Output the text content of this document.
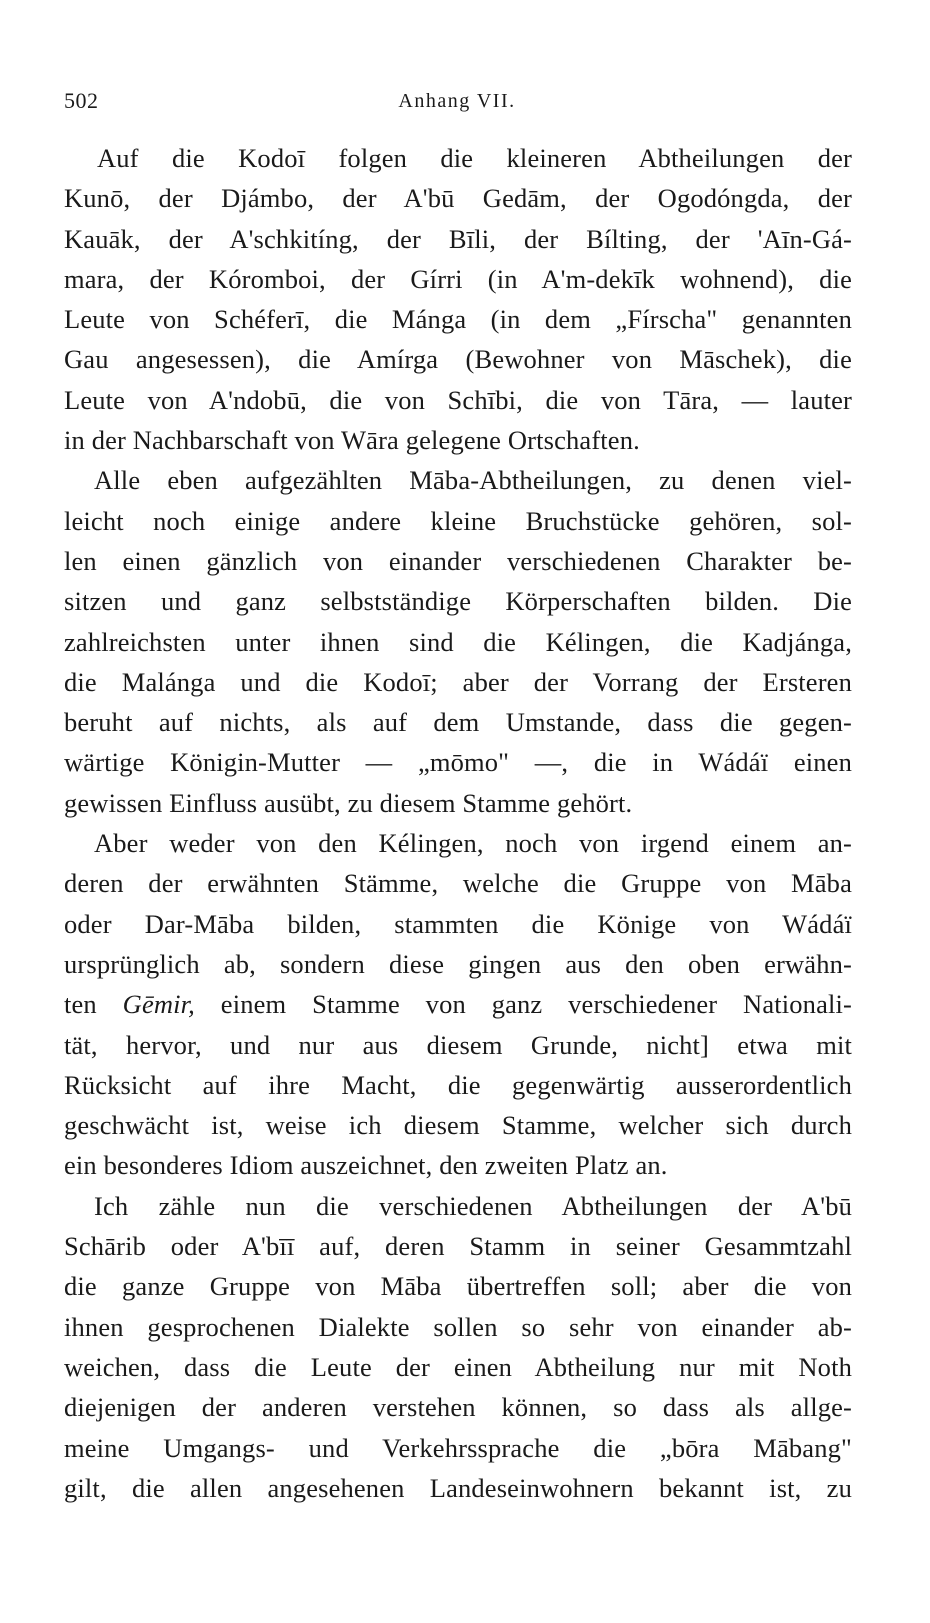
502	Anhang VII.
Auf die Kodoī folgen die kleineren Abtheilungen der
Kunō, der Djámbo, der A'bū Gedām, der Ogodóngda, der
Kauāk, der A'schkitíng, der Bīli, der Bílting, der 'Aīn-Gá-
mara, der Kóromboi, der Gírri (in A'm-dekīk wohnend), die
Leute von Schéferī, die Mánga (in dem „Fírscha" genannten
Gau angesessen), die Amírga (Bewohner von Māschek), die
Leute von A'ndobū, die von Schībi, die von Tāra, — lauter
in der Nachbarschaft von Wāra gelegene Ortschaften.
Alle eben aufgezählten Māba-Abtheilungen, zu denen viel-
leicht noch einige andere kleine Bruchstücke gehören, sol-
len einen gänzlich von einander verschiedenen Charakter be-
sitzen und ganz selbstständige Körperschaften bilden. Die
zahlreichsten unter ihnen sind die Kélingen, die Kadjánga,
die Malánga und die Kodoī; aber der Vorrang der Ersteren
beruht auf nichts, als auf dem Umstande, dass die gegen-
wärtige Königin-Mutter — „mōmo" —, die in Wádáï einen
gewissen Einfluss ausübt, zu diesem Stamme gehört.
Aber weder von den Kélingen, noch von irgend einem an-
deren der erwähnten Stämme, welche die Gruppe von Māba
oder Dar-Māba bilden, stammten die Könige von Wádáï
ursprünglich ab, sondern diese gingen aus den oben erwähn-
ten Gēmir, einem Stamme von ganz verschiedener Nationali-
tät, hervor, und nur aus diesem Grunde, nicht] etwa mit
Rücksicht auf ihre Macht, die gegenwärtig ausserordentlich
geschwächt ist, weise ich diesem Stamme, welcher sich durch
ein besonderes Idiom auszeichnet, den zweiten Platz an.
Ich zähle nun die verschiedenen Abtheilungen der A'bū
Schārib oder A'bīī auf, deren Stamm in seiner Gesammtzahl
die ganze Gruppe von Māba übertreffen soll; aber die von
ihnen gesprochenen Dialekte sollen so sehr von einander ab-
weichen, dass die Leute der einen Abtheilung nur mit Noth
diejenigen der anderen verstehen können, so dass als allge-
meine Umgangs- und Verkehrssprache die „bōra Mābang"
gilt, die allen angesehenen Landeseinwohnern bekannt ist, zu
